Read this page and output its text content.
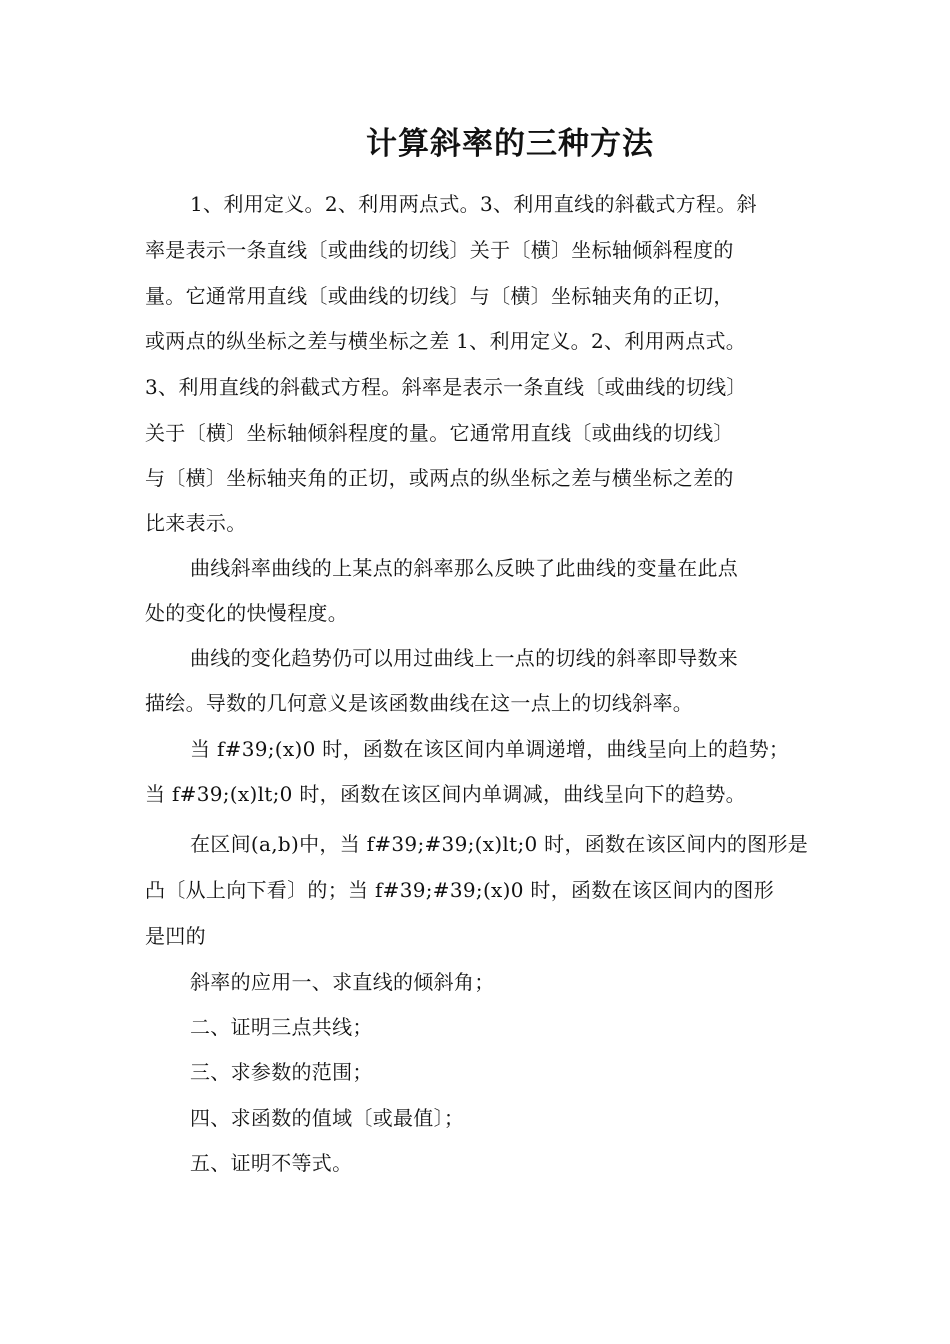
计算斜率的三种方法
1、利用定义。2、利用两点式。3、利用直线的斜截式方程。斜
率是表示一条直线〔或曲线的切线〕关于〔横〕坐标轴倾斜程度的
量。它通常用直线〔或曲线的切线〕与〔横〕坐标轴夹角的正切，
或两点的纵坐标之差与横坐标之差 1、利用定义。2、利用两点式。
3、利用直线的斜截式方程。斜率是表示一条直线〔或曲线的切线〕
关于〔横〕坐标轴倾斜程度的量。它通常用直线〔或曲线的切线〕
与〔横〕坐标轴夹角的正切，或两点的纵坐标之差与横坐标之差的
比来表示。
曲线斜率曲线的上某点的斜率那么反映了此曲线的变量在此点
处的变化的快慢程度。
曲线的变化趋势仍可以用过曲线上一点的切线的斜率即导数来
描绘。导数的几何意义是该函数曲线在这一点上的切线斜率。
当 f#39;(x)0 时，函数在该区间内单调递增，曲线呈向上的趋势；
当 f#39;(x)lt;0 时，函数在该区间内单调减，曲线呈向下的趋势。
在区间(a,b)中，当 f#39;#39;(x)lt;0 时，函数在该区间内的图形是
凸〔从上向下看〕的；当 f#39;#39;(x)0 时，函数在该区间内的图形
是凹的
斜率的应用一、求直线的倾斜角；
二、证明三点共线；
三、求参数的范围；
四、求函数的值域〔或最值〕；
五、证明不等式。
